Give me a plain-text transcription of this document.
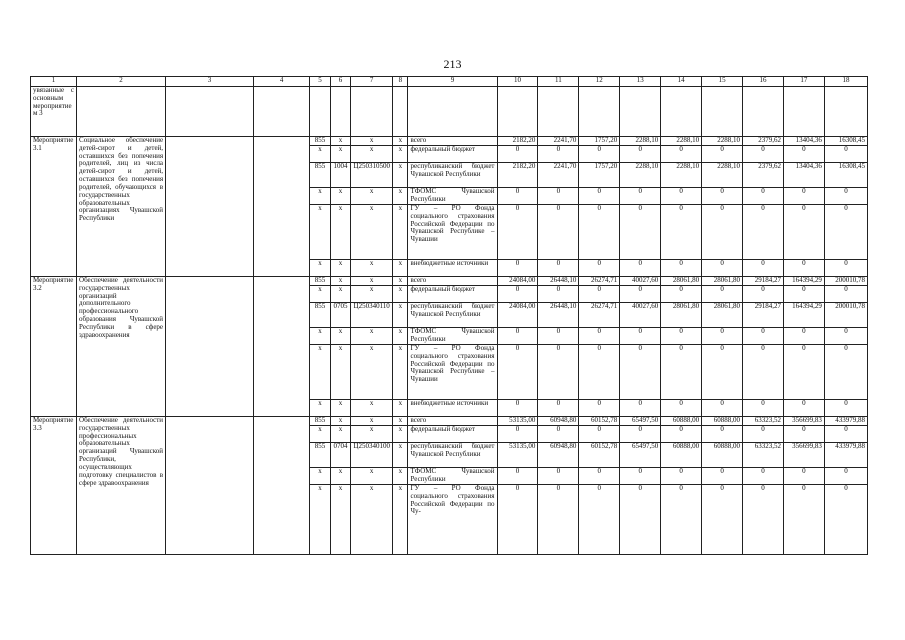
213
1	2	3	4	5	6	7	8	9	10	11	12	13	14	15	16	17	18
увязанные с основным мероприятием 3																	
Мероприятие 3.1	Социальное обеспечение детей-сирот и детей, оставшихся без попечения родителей, лиц из числа детей-сирот и детей, оставшихся без попечения родителей, обучающихся в государственных образовательных организациях Чувашской Республики			855	x	x	x	всего	2182,20	2241,70	1757,20	2288,10	2288,10	2288,10	2379,62	13404,36	16308,45
				x	x	x	x	федеральный бюджет	0	0	0	0	0	0	0	0	0
				855	1004	Ц250310500	x	республиканский бюджет Чувашской Республики	2182,20	2241,70	1757,20	2288,10	2288,10	2288,10	2379,62	13404,36	16308,45
				x	x	x	x	ТФОМС Чувашской Республики	0	0	0	0	0	0	0	0	0
				x	x	x	x	ГУ – РО Фонда социального страхования Российской Федерации по Чувашской Республике – Чувашии	0	0	0	0	0	0	0	0	0
				x	x	x	x	внебюджетные источники	0	0	0	0	0	0	0	0	0
Мероприятие 3.2	Обеспечение деятельности государственных организаций дополнительного профессионального образования Чувашской Республики в сфере здравоохранения			855	x	x	x	всего	24084,00	26448,10	26274,71	40027,60	28061,80	28061,80	29184,27	164394,29	200010,78
				x	x	x	x	федеральный бюджет	0	0	0	0	0	0	0	0	0
				855	0705	Ц250340110	x	республиканский бюджет Чувашской Республики	24084,00	26448,10	26274,71	40027,60	28061,80	28061,80	29184,27	164394,29	200010,78
				x	x	x	x	ТФОМС Чувашской Республики	0	0	0	0	0	0	0	0	0
				x	x	x	x	ГУ – РО Фонда социального страхования Российской Федерации по Чувашской Республике – Чувашии	0	0	0	0	0	0	0	0	0
				x	x	x	x	внебюджетные источники	0	0	0	0	0	0	0	0	0
Мероприятие 3.3	Обеспечение деятельности государственных профессиональных образовательных организаций Чувашской Республики, осуществляющих подготовку специалистов в сфере здравоохранения			855	x	x	x	всего	53135,00	60948,80	60152,78	65497,50	60888,00	60888,00	63323,52	356699,83	433979,88
				x	x	x	x	федеральный бюджет	0	0	0	0	0	0	0	0	0
				855	0704	Ц250340100	x	республиканский бюджет Чувашской Республики	53135,00	60948,80	60152,78	65497,50	60888,00	60888,00	63323,52	356699,83	433979,88
				x	x	x	x	ТФОМС Чувашской Республики	0	0	0	0	0	0	0	0	0
				x	x	x	x	ГУ – РО Фонда социального страхования Российской Федерации по Чу-	0	0	0	0	0	0	0	0	0
